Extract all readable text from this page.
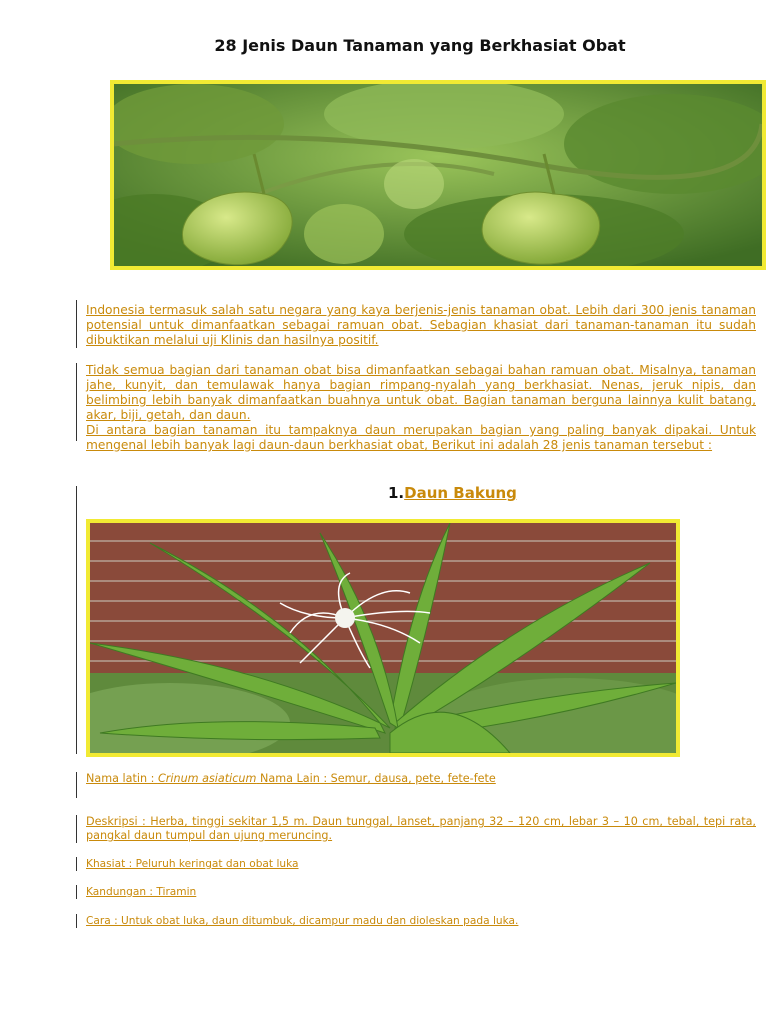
28 Jenis Daun Tanaman yang Berkhasiat Obat
Indonesia termasuk salah satu negara yang kaya berjenis-jenis tanaman obat. Lebih dari 300 jenis tanaman potensial untuk dimanfaatkan sebagai ramuan obat. Sebagian khasiat dari tanaman-tanaman itu sudah dibuktikan melalui uji Klinis dan hasilnya positif.
Tidak semua bagian dari tanaman obat bisa dimanfaatkan sebagai bahan ramuan obat. Misalnya, tanaman jahe, kunyit, dan temulawak hanya bagian rimpang-nyalah yang berkhasiat. Nenas, jeruk nipis, dan belimbing lebih banyak dimanfaatkan buahnya untuk obat. Bagian tanaman berguna lainnya kulit batang, akar, biji, getah, dan daun.
Di antara bagian tanaman itu tampaknya daun merupakan bagian yang paling banyak dipakai. Untuk mengenal lebih banyak lagi daun-daun berkhasiat obat, Berikut ini adalah 28 jenis tanaman tersebut :
1.Daun Bakung
Nama latin : Crinum asiaticum Nama Lain : Semur, dausa, pete, fete-fete
Deskripsi : Herba, tinggi sekitar 1,5 m. Daun tunggal, lanset, panjang 32 – 120 cm, lebar 3 – 10 cm, tebal, tepi rata, pangkal daun tumpul dan ujung meruncing.
Khasiat : Peluruh keringat dan obat luka
Kandungan : Tiramin
Cara : Untuk obat luka, daun ditumbuk, dicampur madu dan dioleskan pada luka.
